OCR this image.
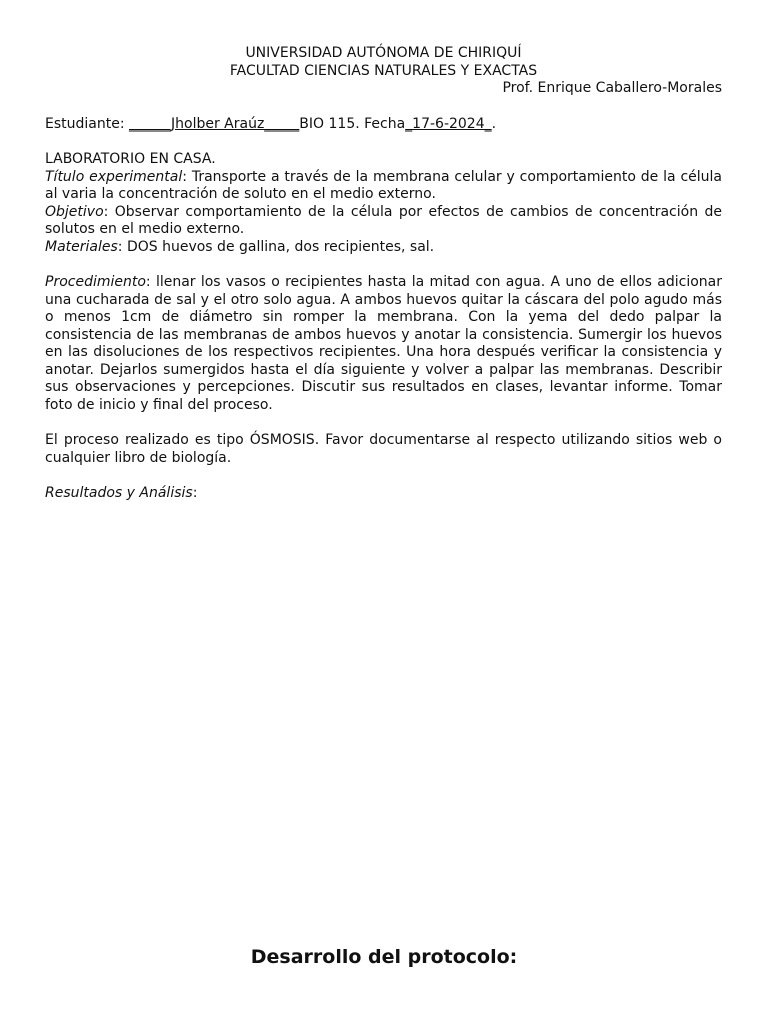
UNIVERSIDAD AUTÓNOMA DE CHIRIQUÍ
FACULTAD CIENCIAS NATURALES Y EXACTAS
Prof. Enrique Caballero-Morales
Estudiante: ______Jholber Araúz_____BIO 115. Fecha_17-6-2024_.
LABORATORIO EN CASA.
Título experimental: Transporte a través de la membrana celular y comportamiento de la célula al varia la concentración de soluto en el medio externo.
Objetivo: Observar comportamiento de la célula por efectos de cambios de concentración de solutos en el medio externo.
Materiales: DOS huevos de gallina, dos recipientes, sal.
Procedimiento: llenar los vasos o recipientes hasta la mitad con agua. A uno de ellos adicionar una cucharada de sal y el otro solo agua. A ambos huevos quitar la cáscara del polo agudo más o menos 1cm de diámetro sin romper la membrana. Con la yema del dedo palpar la consistencia de las membranas de ambos huevos y anotar la consistencia. Sumergir los huevos en las disoluciones de los respectivos recipientes. Una hora después verificar la consistencia y anotar. Dejarlos sumergidos hasta el día siguiente y volver a palpar las membranas. Describir sus observaciones y percepciones. Discutir sus resultados en clases, levantar informe. Tomar foto de inicio y final del proceso.
El proceso realizado es tipo ÓSMOSIS. Favor documentarse al respecto utilizando sitios web o cualquier libro de biología.
Resultados y Análisis:
Desarrollo del protocolo:
